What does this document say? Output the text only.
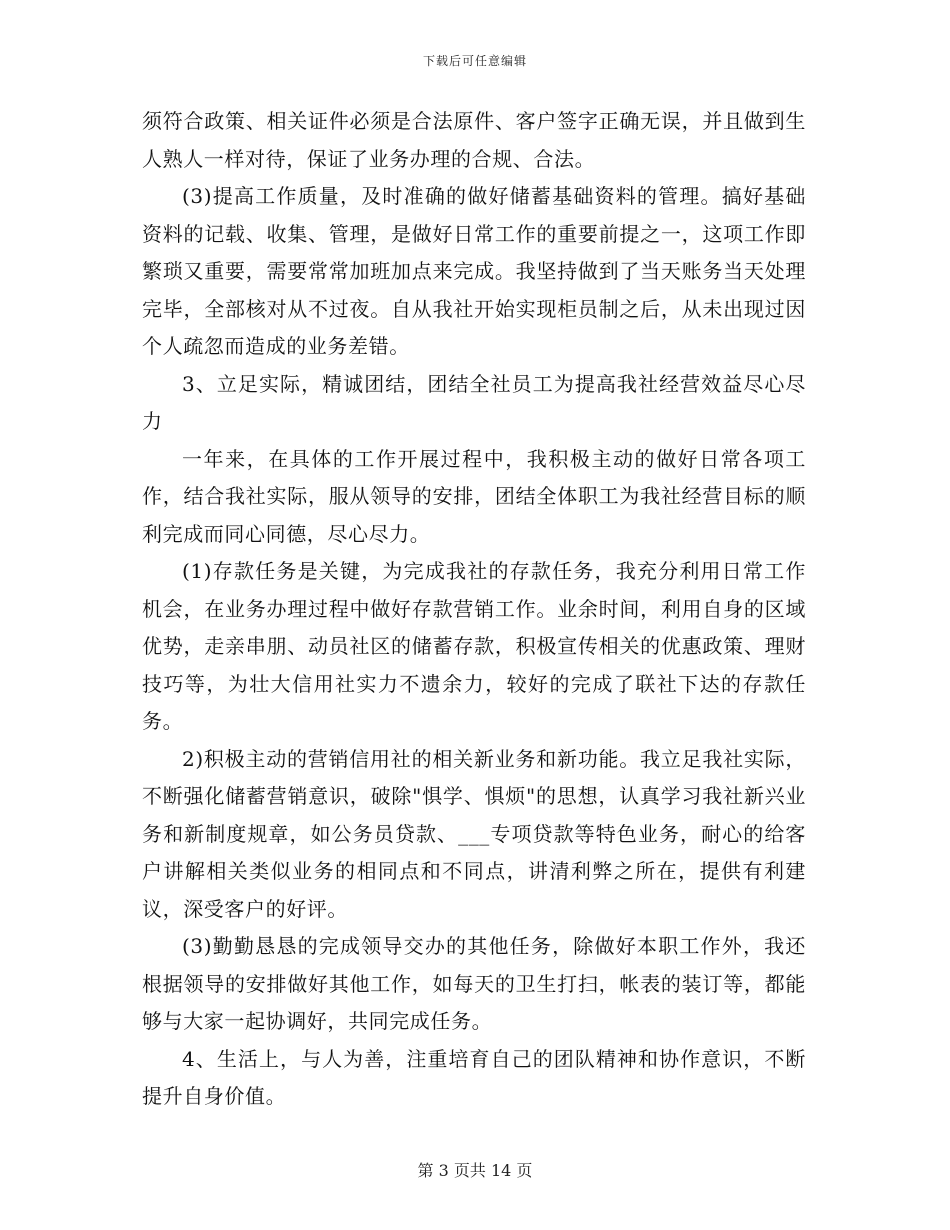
下载后可任意编辑

须符合政策、相关证件必须是合法原件、客户签字正确无误，并且做到生人熟人一样对待，保证了业务办理的合规、合法。

(3)提高工作质量，及时准确的做好储蓄基础资料的管理。搞好基础资料的记载、收集、管理，是做好日常工作的重要前提之一，这项工作即繁琐又重要，需要常常加班加点来完成。我坚持做到了当天账务当天处理完毕，全部核对从不过夜。自从我社开始实现柜员制之后，从未出现过因个人疏忽而造成的业务差错。

3、立足实际，精诚团结，团结全社员工为提高我社经营效益尽心尽力

一年来，在具体的工作开展过程中，我积极主动的做好日常各项工作，结合我社实际，服从领导的安排，团结全体职工为我社经营目标的顺利完成而同心同德，尽心尽力。

(1)存款任务是关键，为完成我社的存款任务，我充分利用日常工作机会，在业务办理过程中做好存款营销工作。业余时间，利用自身的区域优势，走亲串朋、动员社区的储蓄存款，积极宣传相关的优惠政策、理财技巧等，为壮大信用社实力不遗余力，较好的完成了联社下达的存款任务。

2)积极主动的营销信用社的相关新业务和新功能。我立足我社实际，不断强化储蓄营销意识，破除"惧学、惧烦"的思想，认真学习我社新兴业务和新制度规章，如公务员贷款、___专项贷款等特色业务，耐心的给客户讲解相关类似业务的相同点和不同点，讲清利弊之所在，提供有利建议，深受客户的好评。

(3)勤勤恳恳的完成领导交办的其他任务，除做好本职工作外，我还根据领导的安排做好其他工作，如每天的卫生打扫，帐表的装订等，都能够与大家一起协调好，共同完成任务。

4、生活上，与人为善，注重培育自己的团队精神和协作意识，不断提升自身价值。

第 3 页共 14 页
